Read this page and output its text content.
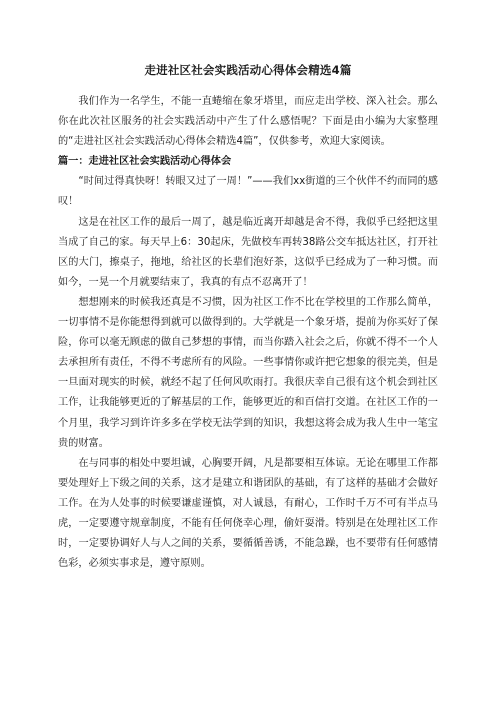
走进社区社会实践活动心得体会精选4篇

我们作为一名学生，不能一直蜷缩在象牙塔里，而应走出学校、深入社会。那么你在此次社区服务的社会实践活动中产生了什么感悟呢？下面是由小编为大家整理的“走进社区社会实践活动心得体会精选4篇”，仅供参考，欢迎大家阅读。

篇一：走进社区社会实践活动心得体会

“时间过得真快呀！转眼又过了一周！”——我们xx街道的三个伙伴不约而同的感叹！

这是在社区工作的最后一周了，越是临近离开却越是舍不得，我似乎已经把这里当成了自己的家。每天早上6：30起床，先做校车再转38路公交车抵达社区，打开社区的大门，擦桌子，拖地，给社区的长辈们泡好茶，这似乎已经成为了一种习惯。而如今，一晃一个月就要结束了，我真的有点不忍离开了！

想想刚来的时候我还真是不习惯，因为社区工作不比在学校里的工作那么简单，一切事情不是你能想得到就可以做得到的。大学就是一个象牙塔，提前为你买好了保险，你可以毫无顾虑的做自己梦想的事情，而当你踏入社会之后，你就不得不一个人去承担所有责任，不得不考虑所有的风险。一些事情你或许把它想象的很完美，但是一旦面对现实的时候，就经不起了任何风吹雨打。我很庆幸自己很有这个机会到社区工作，让我能够更近的了解基层的工作，能够更近的和百信打交道。在社区工作的一个月里，我学习到许许多多在学校无法学到的知识，我想这将会成为我人生中一笔宝贵的财富。

在与同事的相处中要坦诚，心胸要开阔，凡是都要相互体谅。无论在哪里工作都要处理好上下级之间的关系，这才是建立和谐团队的基础，有了这样的基础才会做好工作。在为人处事的时候要谦虚谨慎，对人诚恳，有耐心，工作时千万不可有半点马虎，一定要遵守规章制度，不能有任何侥幸心理，偷奸耍滑。特别是在处理社区工作时，一定要协调好人与人之间的关系，要循循善诱，不能急躁，也不要带有任何感情色彩，必须实事求是，遵守原则。
